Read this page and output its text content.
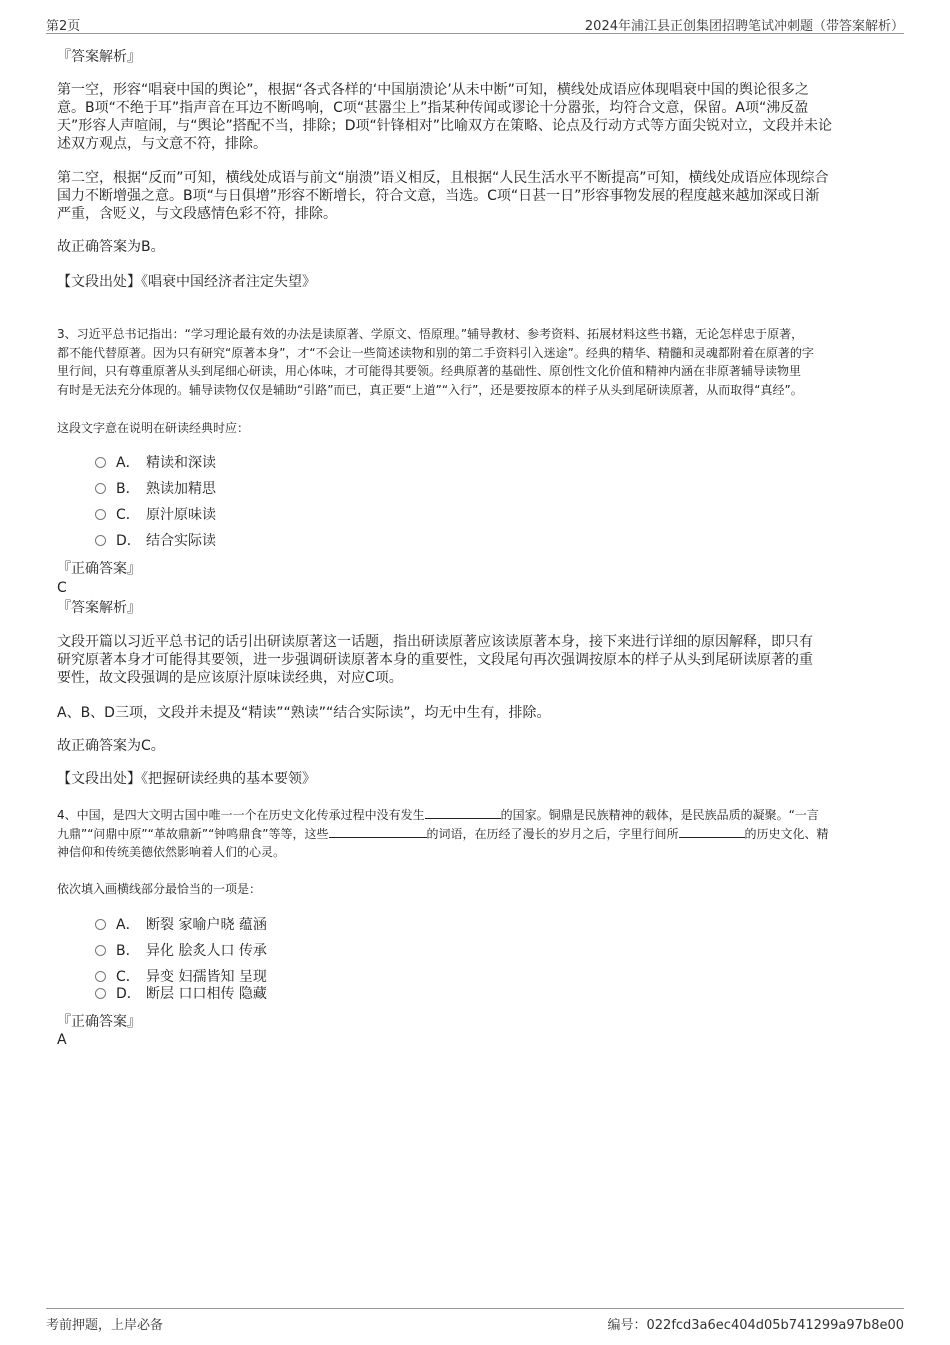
第2页	2024年浦江县正创集团招聘笔试冲刺题（带答案解析）
『答案解析』
第一空，形容“唱衰中国的舆论”，根据“各式各样的‘中国崩溃论’从未中断”可知，横线处成语应体现唱衰中国的舆论很多之
意。B项“不绝于耳”指声音在耳边不断鸣响，C项“甚嚣尘上”指某种传闻或谬论十分嚣张，均符合文意，保留。A项“沸反盈
天”形容人声喧闹，与“舆论”搭配不当，排除；D项“针锋相对”比喻双方在策略、论点及行动方式等方面尖锐对立，文段并未论
述双方观点，与文意不符，排除。
第二空，根据“反而”可知，横线处成语与前文“崩溃”语义相反，且根据“人民生活水平不断提高”可知，横线处成语应体现综合
国力不断增强之意。B项“与日俱增”形容不断增长，符合文意，当选。C项“日甚一日”形容事物发展的程度越来越加深或日渐
严重，含贬义，与文段感情色彩不符，排除。
故正确答案为B。
【文段出处】《唱衰中国经济者注定失望》
3、习近平总书记指出：“学习理论最有效的办法是读原著、学原文、悟原理。”辅导教材、参考资料、拓展材料这些书籍，无论怎样忠于原著，
都不能代替原著。因为只有研究“原著本身”，才“不会让一些简述读物和别的第二手资料引入迷途”。经典的精华、精髓和灵魂都附着在原著的字
里行间，只有尊重原著从头到尾细心研读，用心体味，才可能得其要领。经典原著的基础性、原创性文化价值和精神内涵在非原著辅导读物里
有时是无法充分体现的。辅导读物仅仅是辅助“引路”而已，真正要“上道”“入行”，还是要按原本的样子从头到尾研读原著，从而取得“真经”。
这段文字意在说明在研读经典时应：
A． 精读和深读
B． 熟读加精思
C． 原汁原味读
D． 结合实际读
『正确答案』
C
『答案解析』
文段开篇以习近平总书记的话引出研读原著这一话题，指出研读原著应该读原著本身，接下来进行详细的原因解释，即只有
研究原著本身才可能得其要领，进一步强调研读原著本身的重要性，文段尾句再次强调按原本的样子从头到尾研读原著的重
要性，故文段强调的是应该原汁原味读经典，对应C项。
A、B、D三项，文段并未提及“精读”“熟读”“结合实际读”，均无中生有，排除。
故正确答案为C。
【文段出处】《把握研读经典的基本要领》
4、中国，是四大文明古国中唯一一个在历史文化传承过程中没有发生	的国家。铜鼎是民族精神的载体，是民族品质的凝聚。“一言
九鼎”“问鼎中原”“革故鼎新”“钟鸣鼎食”等等，这些	的词语，在历经了漫长的岁月之后，字里行间所	的历史文化、精
神信仰和传统美德依然影响着人们的心灵。
依次填入画横线部分最恰当的一项是：
A． 断裂 家喻户晓 蕴涵
B． 异化 脍炙人口 传承
C． 异变 妇孺皆知 呈现
D． 断层 口口相传 隐藏
『正确答案』
A
考前押题，上岸必备	编号：022fcd3a6ec404d05b741299a97b8e00
